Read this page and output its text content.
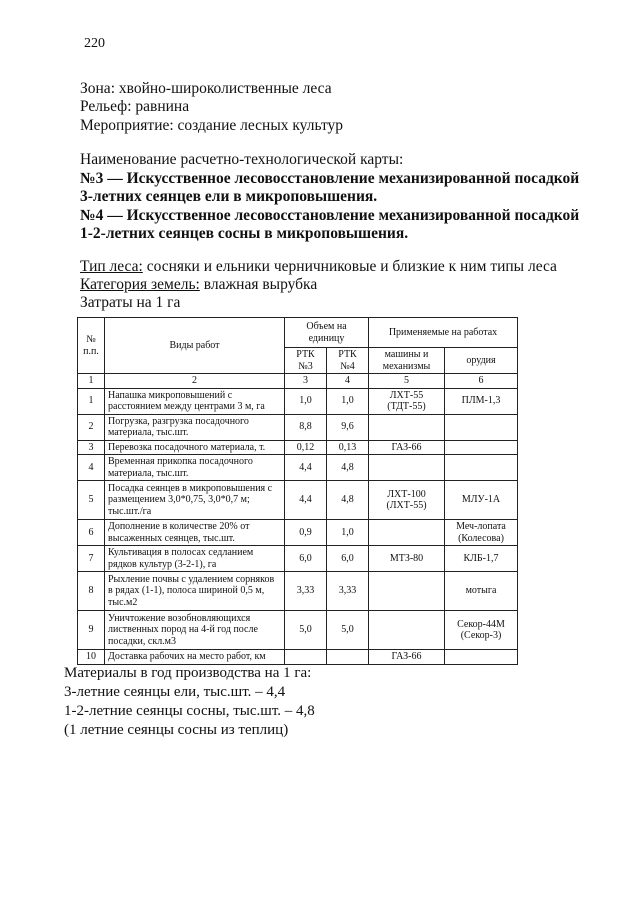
220
Зона: хвойно-широколиственные леса
Рельеф: равнина
Мероприятие: создание лесных культур
Наименование расчетно-технологической карты:
№3 — Искусственное лесовосстановление механизированной посадкой
3-летних сеянцев ели в микроповышения.
№4 — Искусственное лесовосстановление механизированной посадкой
1-2-летних сеянцев сосны в микроповышения.
Тип леса: сосняки и ельники черничниковые и близкие к ним типы леса
Категория земель: влажная вырубка
Затраты на 1 га
№ п.п.	Виды работ	Объем на единицу		Применяемые на работах	
		РТК №3	РТК №4	машины и механизмы	орудия
1	2	3	4	5	6
1	Напашка микроповышений с расстоянием между центрами 3 м, га	1,0	1,0	ЛХТ-55 (ТДТ-55)	ПЛМ-1,3
2	Погрузка, разгрузка посадочного материала, тыс.шт.	8,8	9,6		
3	Перевозка посадочного материала, т.	0,12	0,13	ГАЗ-66	
4	Временная прикопка посадочного материала, тыс.шт.	4,4	4,8		
5	Посадка сеянцев в микроповышения с размещением 3,0*0,75, 3,0*0,7 м; тыс.шт./га	4,4	4,8	ЛХТ-100 (ЛХТ-55)	МЛУ-1А
6	Дополнение в количестве 20% от высаженных сеянцев, тыс.шт.	0,9	1,0		Меч-лопата (Колесова)
7	Культивация в полосах седланием рядков культур (3-2-1), га	6,0	6,0	МТЗ-80	КЛБ-1,7
8	Рыхление почвы с удалением сорняков в рядах (1-1), полоса шириной 0,5 м, тыс.м2	3,33	3,33		мотыга
9	Уничтожение возобновляющихся лиственных пород на 4-й год после посадки, скл.м3	5,0	5,0		Секор-44М (Секор-3)
10	Доставка рабочих на место работ, км			ГАЗ-66	
Материалы в год производства на 1 га:
3-летние сеянцы ели, тыс.шт. – 4,4
1-2-летние сеянцы сосны, тыс.шт. – 4,8
(1 летние сеянцы сосны из теплиц)
